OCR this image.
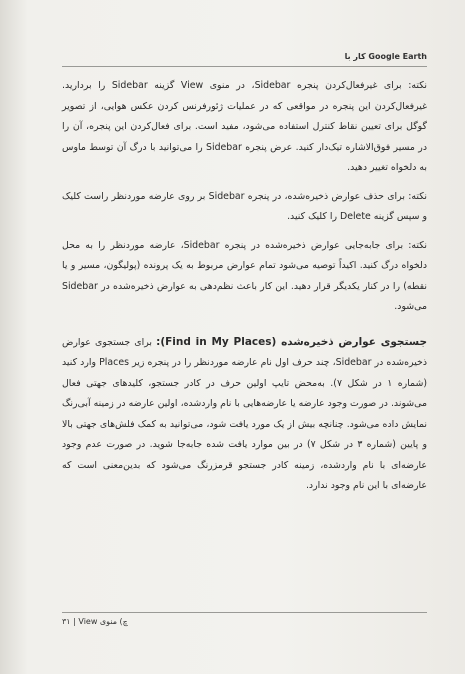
کار با Google Earth

نکته: برای غیرفعال‌کردن پنجره Sidebar، در منوی View گزینه Sidebar را بردارید. غیرفعال‌کردن این پنجره در مواقعی که در عملیات ژئورفرنس کردن عکس هوایی، از تصویر گوگل برای تعیین نقاط کنترل استفاده می‌شود، مفید است. برای فعال‌کردن این پنجره، آن را در مسیر فوق‌الاشاره تیک‌دار کنید. عرض پنجره Sidebar را می‌توانید با درگ آن توسط ماوس به دلخواه تغییر دهید.

نکته: برای حذف عوارض ذخیره‌شده، در پنجره Sidebar بر روی عارضه موردنظر راست کلیک و سپس گزینه Delete را کلیک کنید.

نکته: برای جابه‌جایی عوارض ذخیره‌شده در پنجره Sidebar، عارضه موردنظر را به محل دلخواه درگ کنید. اکیداً توصیه می‌شود تمام عوارض مربوط به یک پرونده (پولیگون، مسیر و یا نقطه) را در کنار یکدیگر قرار دهید. این کار باعث نظم‌دهی به عوارض ذخیره‌شده در Sidebar می‌شود.

جستجوی عوارض ذخیره‌شده (Find in My Places): برای جستجوی عوارض ذخیره‌شده در Sidebar، چند حرف اول نام عارضه موردنظر را در پنجره زیر Places وارد کنید (شماره ۱ در شکل ۷). به‌محض تایپ اولین حرف در کادر جستجو، کلیدهای جهتی فعال می‌شوند. در صورت وجود عارضه یا عارضه‌هایی با نام واردشده، اولین عارضه در زمینه آبی‌رنگ نمایش داده می‌شود. چنانچه بیش از یک مورد یافت شود، می‌توانید به کمک فلش‌های جهتی بالا و پایین (شماره ۳ در شکل ۷) در بین موارد یافت شده جابه‌جا شوید. در صورت عدم وجود عارضه‌ای با نام واردشده، زمینه کادر جستجو قرمزرنگ می‌شود که بدین‌معنی است که عارضه‌ای با این نام وجود ندارد.

۳۱ | چ) منوی View
